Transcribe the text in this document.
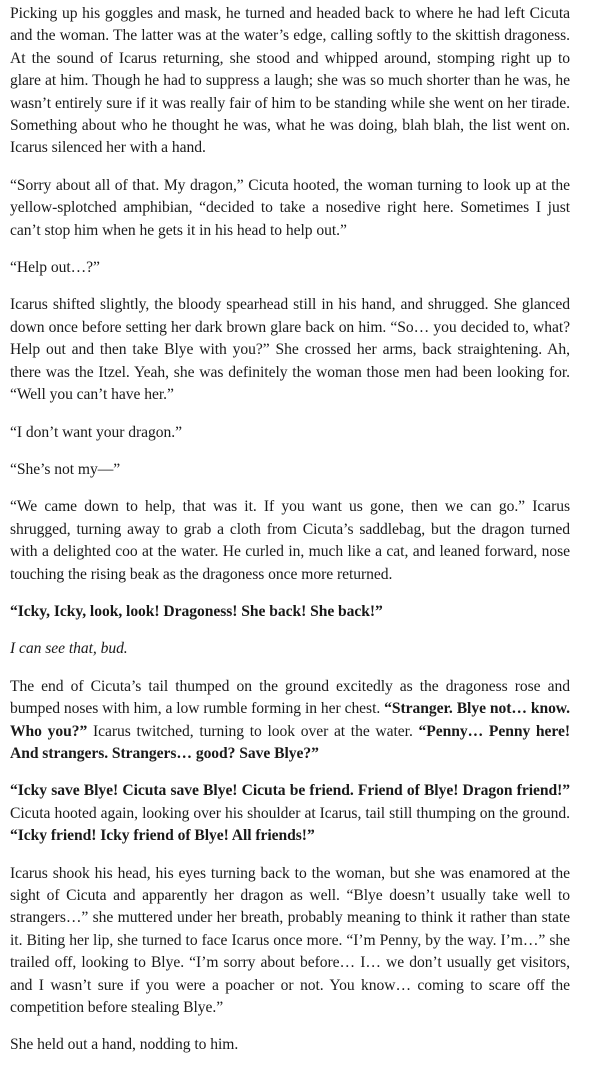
Picking up his goggles and mask, he turned and headed back to where he had left Cicuta and the woman. The latter was at the water’s edge, calling softly to the skittish dragoness. At the sound of Icarus returning, she stood and whipped around, stomping right up to glare at him. Though he had to suppress a laugh; she was so much shorter than he was, he wasn’t entirely sure if it was really fair of him to be standing while she went on her tirade. Something about who he thought he was, what he was doing, blah blah, the list went on. Icarus silenced her with a hand.

“Sorry about all of that. My dragon,” Cicuta hooted, the woman turning to look up at the yellow-splotched amphibian, “decided to take a nosedive right here. Sometimes I just can’t stop him when he gets it in his head to help out.”

“Help out…?”

Icarus shifted slightly, the bloody spearhead still in his hand, and shrugged. She glanced down once before setting her dark brown glare back on him. “So… you decided to, what? Help out and then take Blye with you?” She crossed her arms, back straightening. Ah, there was the Itzel. Yeah, she was definitely the woman those men had been looking for. “Well you can’t have her.”

“I don’t want your dragon.”

“She’s not my—”

“We came down to help, that was it. If you want us gone, then we can go.” Icarus shrugged, turning away to grab a cloth from Cicuta’s saddlebag, but the dragon turned with a delighted coo at the water. He curled in, much like a cat, and leaned forward, nose touching the rising beak as the dragoness once more returned.

“Icky, Icky, look, look! Dragoness! She back! She back!”

I can see that, bud.

The end of Cicuta’s tail thumped on the ground excitedly as the dragoness rose and bumped noses with him, a low rumble forming in her chest. “Stranger. Blye not… know. Who you?” Icarus twitched, turning to look over at the water. “Penny… Penny here! And strangers. Strangers… good? Save Blye?”

“Icky save Blye! Cicuta save Blye! Cicuta be friend. Friend of Blye! Dragon friend!” Cicuta hooted again, looking over his shoulder at Icarus, tail still thumping on the ground. “Icky friend! Icky friend of Blye! All friends!”

Icarus shook his head, his eyes turning back to the woman, but she was enamored at the sight of Cicuta and apparently her dragon as well. “Blye doesn’t usually take well to strangers…” she muttered under her breath, probably meaning to think it rather than state it. Biting her lip, she turned to face Icarus once more. “I’m Penny, by the way. I’m…” she trailed off, looking to Blye. “I’m sorry about before… I… we don’t usually get visitors, and I wasn’t sure if you were a poacher or not. You know… coming to scare off the competition before stealing Blye.”

She held out a hand, nodding to him.
